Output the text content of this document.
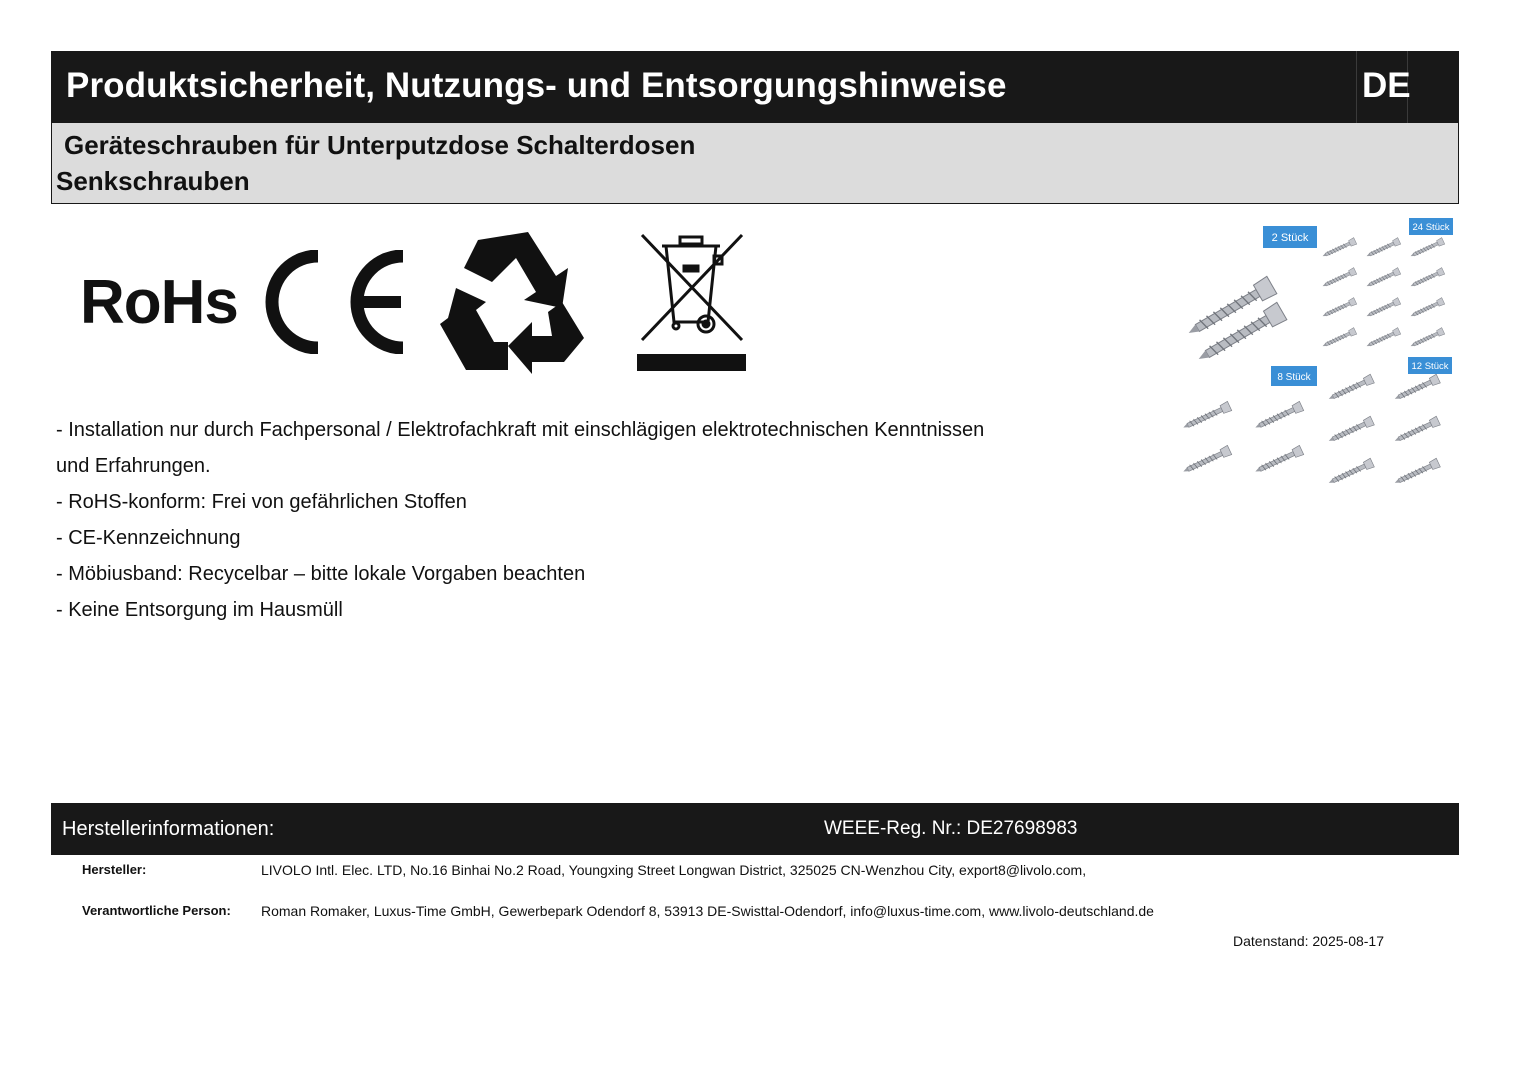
Produktsicherheit, Nutzungs- und Entsorgungshinweise	DE
Geräteschrauben für Unterputzdose Schalterdosen
Senkschrauben
RoHs
- Installation nur durch Fachpersonal / Elektrofachkraft mit einschlägigen elektrotechnischen Kenntnissen
und Erfahrungen.
- RoHS-konform: Frei von gefährlichen Stoffen
- CE-Kennzeichnung
- Möbiusband: Recycelbar – bitte lokale Vorgaben beachten
- Keine Entsorgung im Hausmüll
2 Stück
24 Stück
8 Stück
12 Stück
Herstellerinformationen:	WEEE-Reg. Nr.: DE27698983
Hersteller:	LIVOLO Intl. Elec. LTD, No.16 Binhai No.2 Road, Youngxing Street Longwan District, 325025 CN-Wenzhou City, export8@livolo.com,
Verantwortliche Person: Roman Romaker, Luxus-Time GmbH, Gewerbepark Odendorf 8, 53913 DE-Swisttal-Odendorf, info@luxus-time.com, www.livolo-deutschland.de
Datenstand: 2025-08-17
